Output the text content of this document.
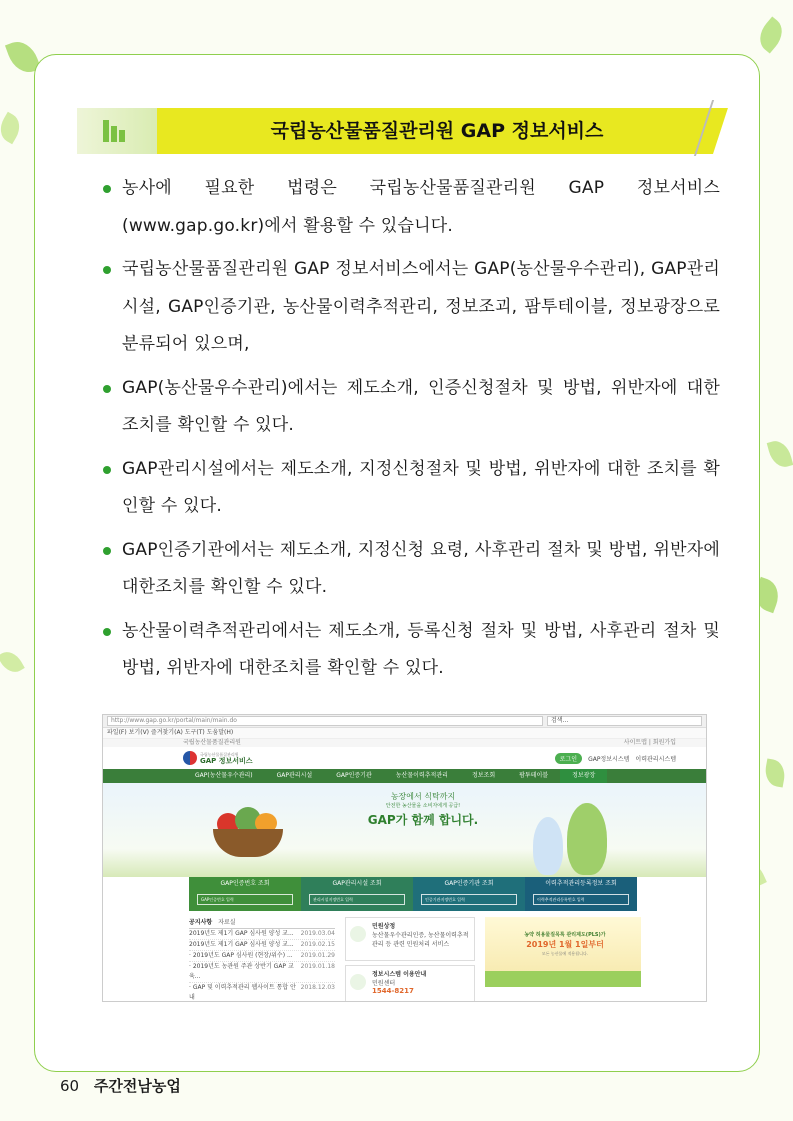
국립농산물품질관리원 GAP 정보서비스
농사에 필요한 법령은 국립농산물품질관리원 GAP 정보서비스 (www.gap.go.kr)에서 활용할 수 있습니다.
국립농산물품질관리원 GAP 정보서비스에서는 GAP(농산물우수관리), GAP관리시설, GAP인증기관, 농산물이력추적관리, 정보조괴, 팜투테이블, 정보광장으로 분류되어 있으며,
GAP(농산물우수관리)에서는 제도소개, 인증신청절차 및 방법, 위반자에 대한 조치를 확인할 수 있다.
GAP관리시설에서는 제도소개, 지정신청절차 및 방법, 위반자에 대한 조치를 확인할 수 있다.
GAP인증기관에서는 제도소개, 지정신청 요령, 사후관리 절차 및 방법, 위반자에 대한조치를 확인할 수 있다.
농산물이력추적관리에서는 제도소개, 등록신청 절차 및 방법, 사후관리 절차 및 방법, 위반자에 대한조치를 확인할 수 있다.
http://www.gap.go.kr/portal/main/main.do	검색...
파일(F) 보기(V) 즐겨찾기(A) 도구(T) 도움말(H)
국립농산물품질관리원	사이트맵 | 회원가입
국립농산물품질관리원
GAP 정보서비스	로그인	GAP정보시스템 이력관리시스템
GAP(농산물우수관리)	GAP관리시설	GAP인증기관	농산물이력추적관리	정보조회	팜투테이블	정보광장
농장에서 식탁까지
안전한 농산물을 소비자에게 공급!
GAP가 함께 합니다.
GAP인증번호 조회
GAP인증번호 입력
GAP관리시설 조회
관리시설지정번호 입력
GAP인증기관 조회
인증기관지정번호 입력
이력추적관리등록정보 조회
이력추적관리등록번호 입력
공지사항 자료실
2019년도 제1기 GAP 심사원 양성 교... 2019.03.04
2019년도 제1기 GAP 심사원 양성 교... 2019.02.15
· 2019년도 GAP 심사원 (현장/위수) ... 2019.01.29
· 2019년도 농관원 주관 상반기 GAP 교육...
2019.01.18
· GAP 및 이력추적관리 웹사이트 통합 안내
2018.12.03
민원상정
농산물우수관리인증, 농산물이력추적관리 등 관련 민원처리 서비스
정보시스템 이용안내
민원센터
1544-8217
농약 허용물질목록 관리제도(PLS)가
2019년 1월 1일부터
모든 농산물에 적용됩니다.
60 주간전남농업
